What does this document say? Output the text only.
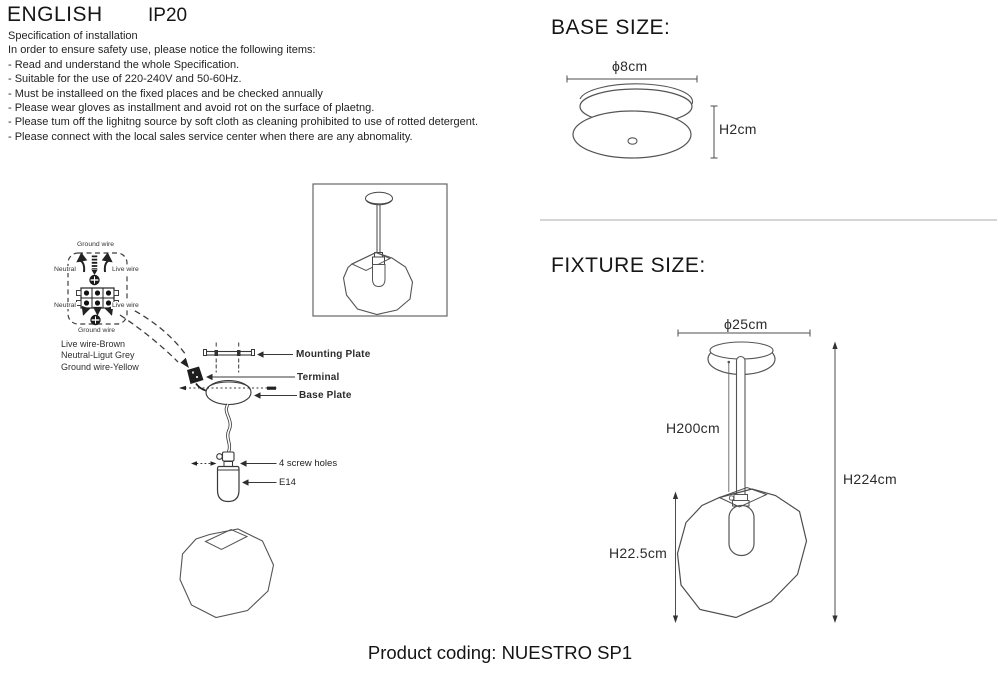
ENGLISH IP20
Specification of installation
In order to ensure safety use, please notice the following items:
- Read and understand the whole Specification.
- Suitable for the use of 220-240V and 50-60Hz.
- Must be installeed on the fixed places and be checked annually
- Please wear gloves as installment and avoid rot on the surface of plaetng.
- Please tum off the lighitng source by soft cloth as cleaning prohibited to use of rotted detergent.
- Please connect with the local sales service center when there are any abnomality.
Ground wire
Neutral	Live wire
Neutral	Live wire
Ground wire
Live wire-Brown
Neutral-Ligut Grey
Ground wire-Yellow
Mounting Plate
Terminal
Base Plate
4 screw holes
E14
BASE SIZE:
ϕ8cm
H2cm
FIXTURE SIZE:
ϕ25cm
H200cm
H224cm
H22.5cm
Product coding: NUESTRO SP1
